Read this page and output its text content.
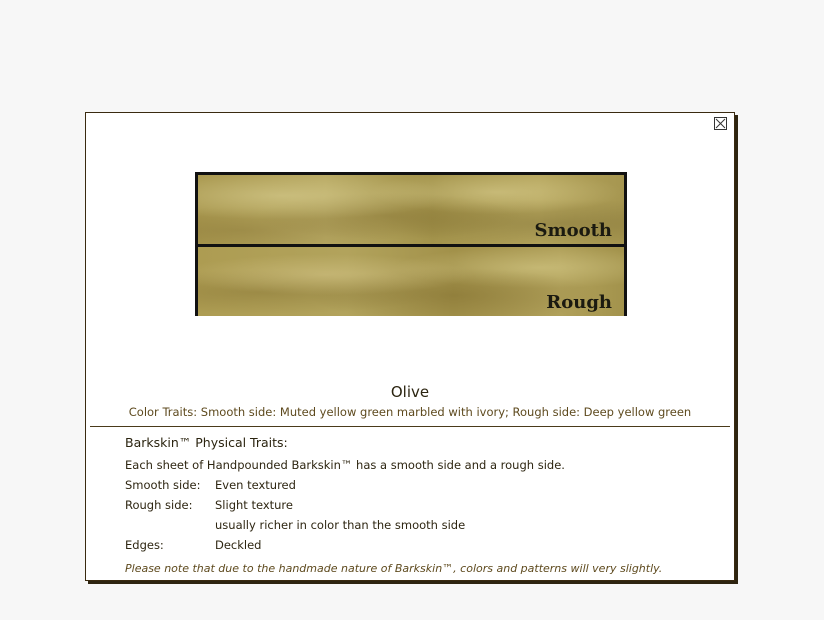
Smooth
Rough
Olive
Color Traits: Smooth side: Muted yellow green marbled with ivory; Rough side: Deep yellow green
Barkskin™ Physical Traits:
Each sheet of Handpounded Barkskin™ has a smooth side and a rough side.
Smooth side: Even textured
Rough side: Slight texture
usually richer in color than the smooth side
Edges:	Deckled
Please note that due to the handmade nature of Barkskin™, colors and patterns will very slightly.
